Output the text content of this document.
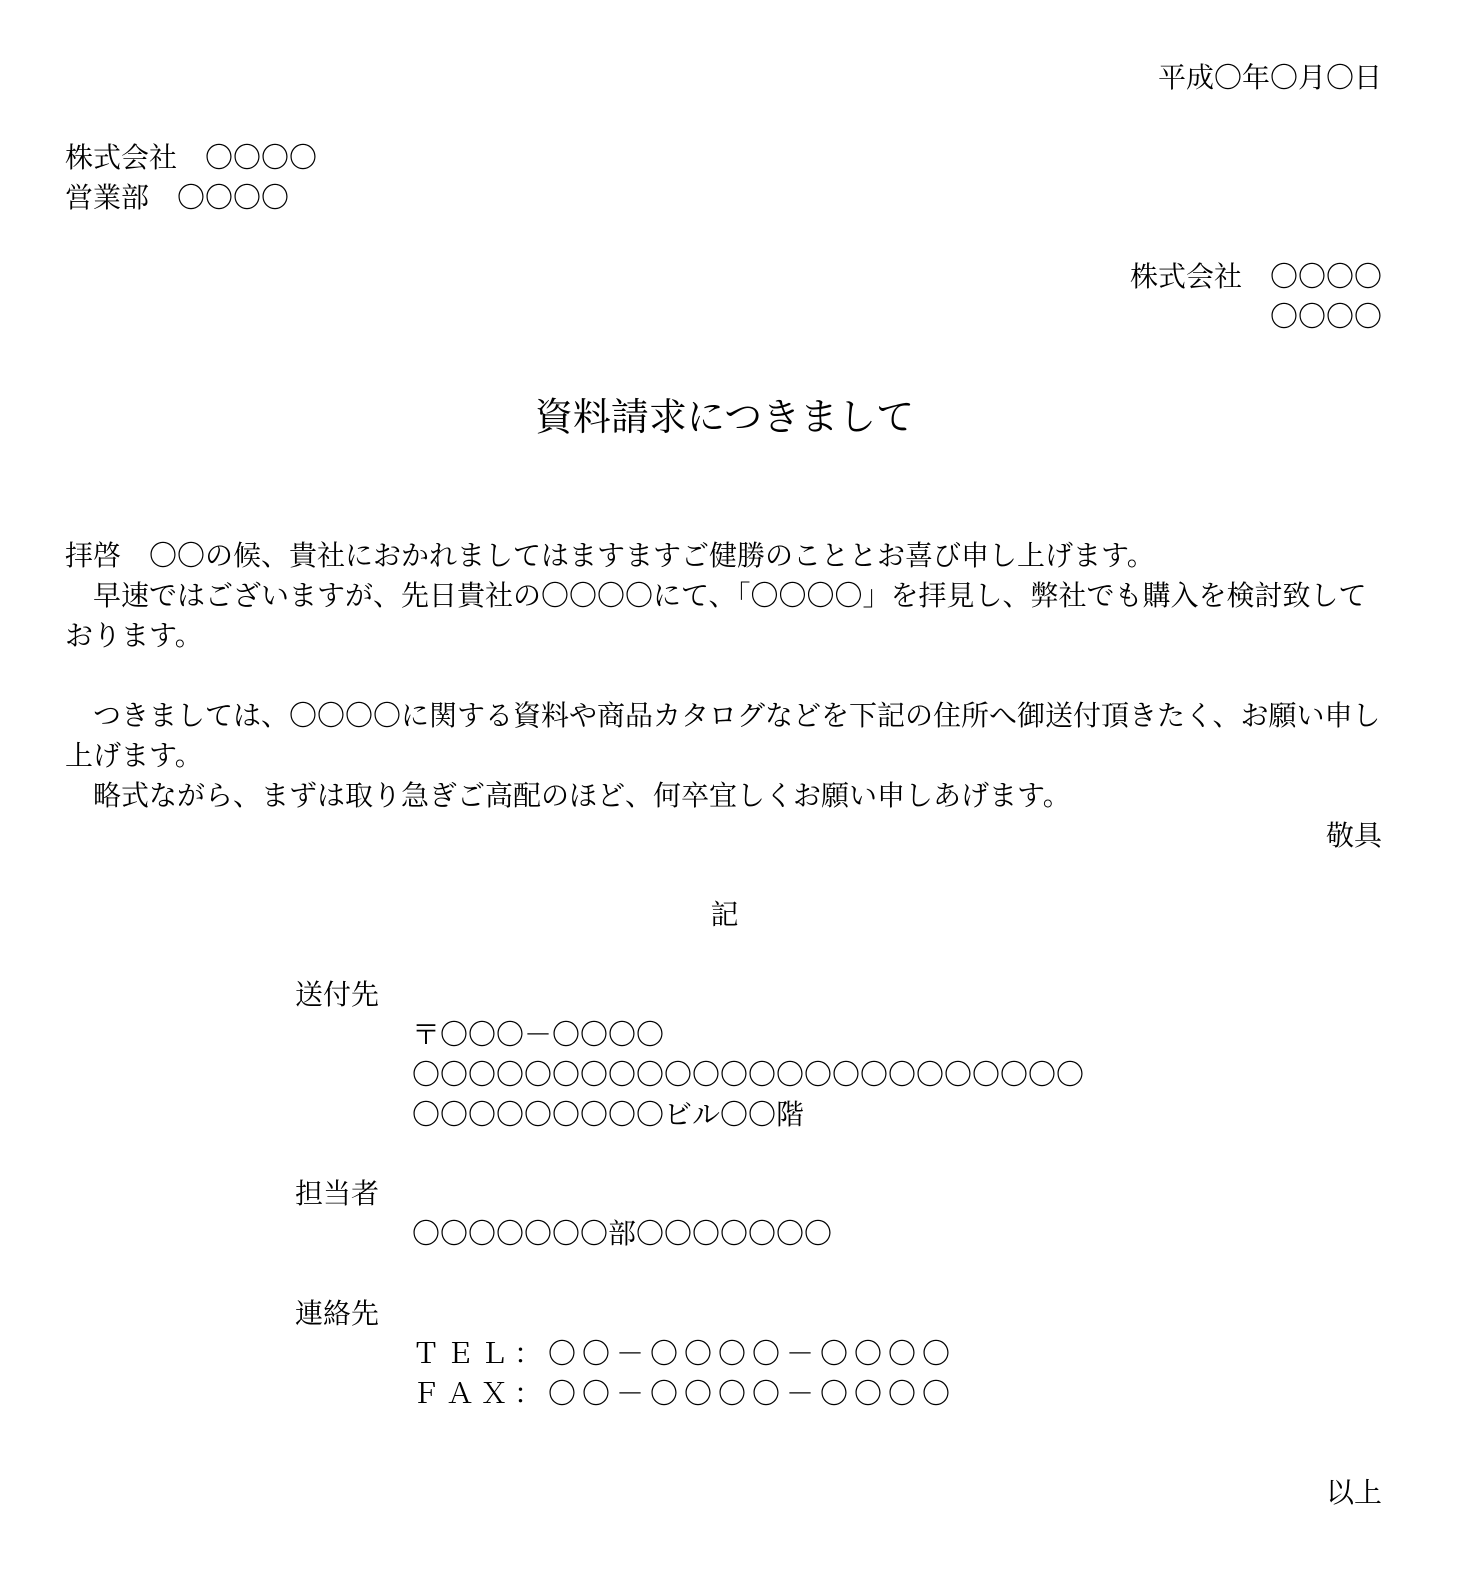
平成〇年〇月〇日
株式会社　〇〇〇〇
営業部　〇〇〇〇
株式会社　〇〇〇〇
〇〇〇〇
資料請求につきまして
拝啓　〇〇の候、貴社におかれましてはますますご健勝のこととお喜び申し上げます。
早速ではございますが、先日貴社の〇〇〇〇にて、「〇〇〇〇」を拝見し、弊社でも購入を検討致しております。
つきましては、〇〇〇〇に関する資料や商品カタログなどを下記の住所へ御送付頂きたく、お願い申し上げます。
略式ながら、まずは取り急ぎご高配のほど、何卒宜しくお願い申しあげます。
敬具
記
送付先
〒〇〇〇－〇〇〇〇
〇〇〇〇〇〇〇〇〇〇〇〇〇〇〇〇〇〇〇〇〇〇〇〇
〇〇〇〇〇〇〇〇〇ビル〇〇階
担当者
〇〇〇〇〇〇〇部〇〇〇〇〇〇〇
連絡先
ＴＥＬ：〇〇－〇〇〇〇－〇〇〇〇
ＦＡＸ：〇〇－〇〇〇〇－〇〇〇〇
以上
